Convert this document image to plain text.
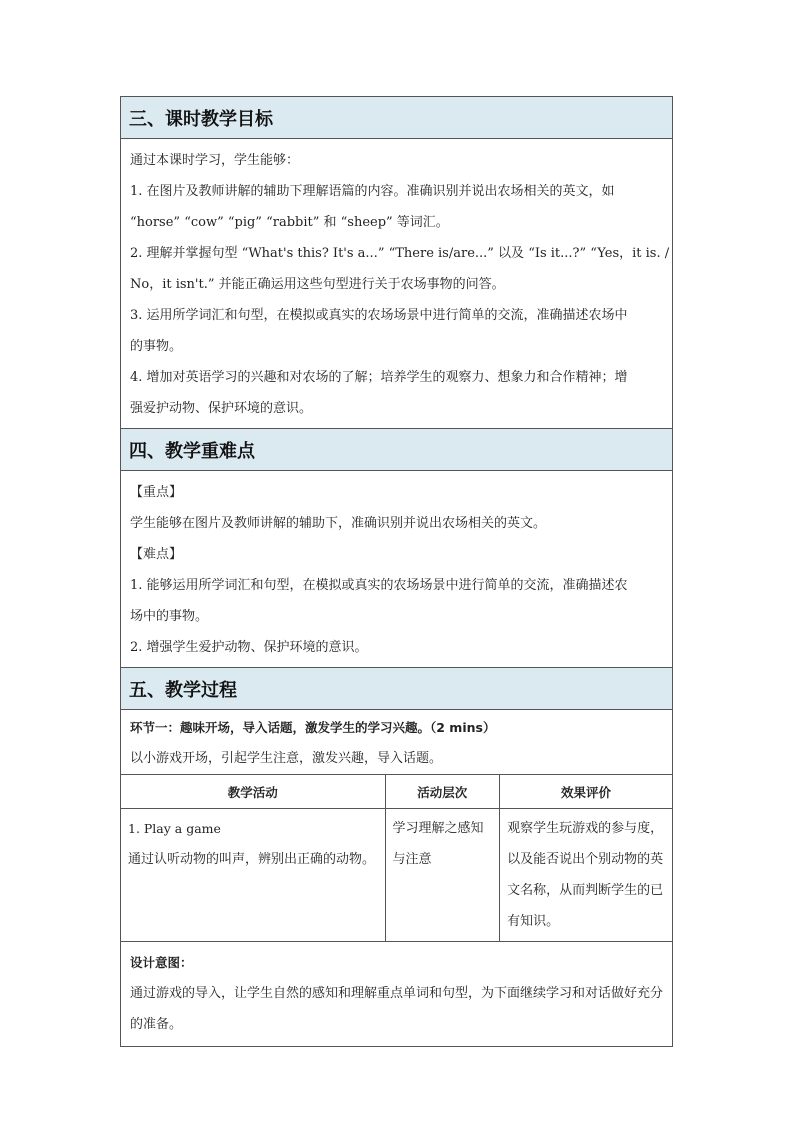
三、课时教学目标
通过本课时学习，学生能够：
1. 在图片及教师讲解的辅助下理解语篇的内容。准确识别并说出农场相关的英文，如
“horse” “cow” “pig” “rabbit” 和 “sheep” 等词汇。
2. 理解并掌握句型 “What's this? It's a...” “There is/are...” 以及 “Is it...?” “Yes，it is. /
No，it isn't.” 并能正确运用这些句型进行关于农场事物的问答。
3. 运用所学词汇和句型，在模拟或真实的农场场景中进行简单的交流，准确描述农场中
的事物。
4. 增加对英语学习的兴趣和对农场的了解；培养学生的观察力、想象力和合作精神；增
强爱护动物、保护环境的意识。
四、教学重难点
【重点】
学生能够在图片及教师讲解的辅助下，准确识别并说出农场相关的英文。
【难点】
1. 能够运用所学词汇和句型，在模拟或真实的农场场景中进行简单的交流，准确描述农
场中的事物。
2. 增强学生爱护动物、保护环境的意识。
五、教学过程
环节一：趣味开场，导入话题，激发学生的学习兴趣。（2 mins）
以小游戏开场，引起学生注意，激发兴趣，导入话题。
教学活动	活动层次	效果评价

1. Play a game
通过认听动物的叫声，辨别出正确的动物。	学习理解之感知与注意	观察学生玩游戏的参与度，以及能否说出个别动物的英文名称，从而判断学生的已有知识。
设计意图：
通过游戏的导入，让学生自然的感知和理解重点单词和句型，为下面继续学习和对话做好充分的准备。
